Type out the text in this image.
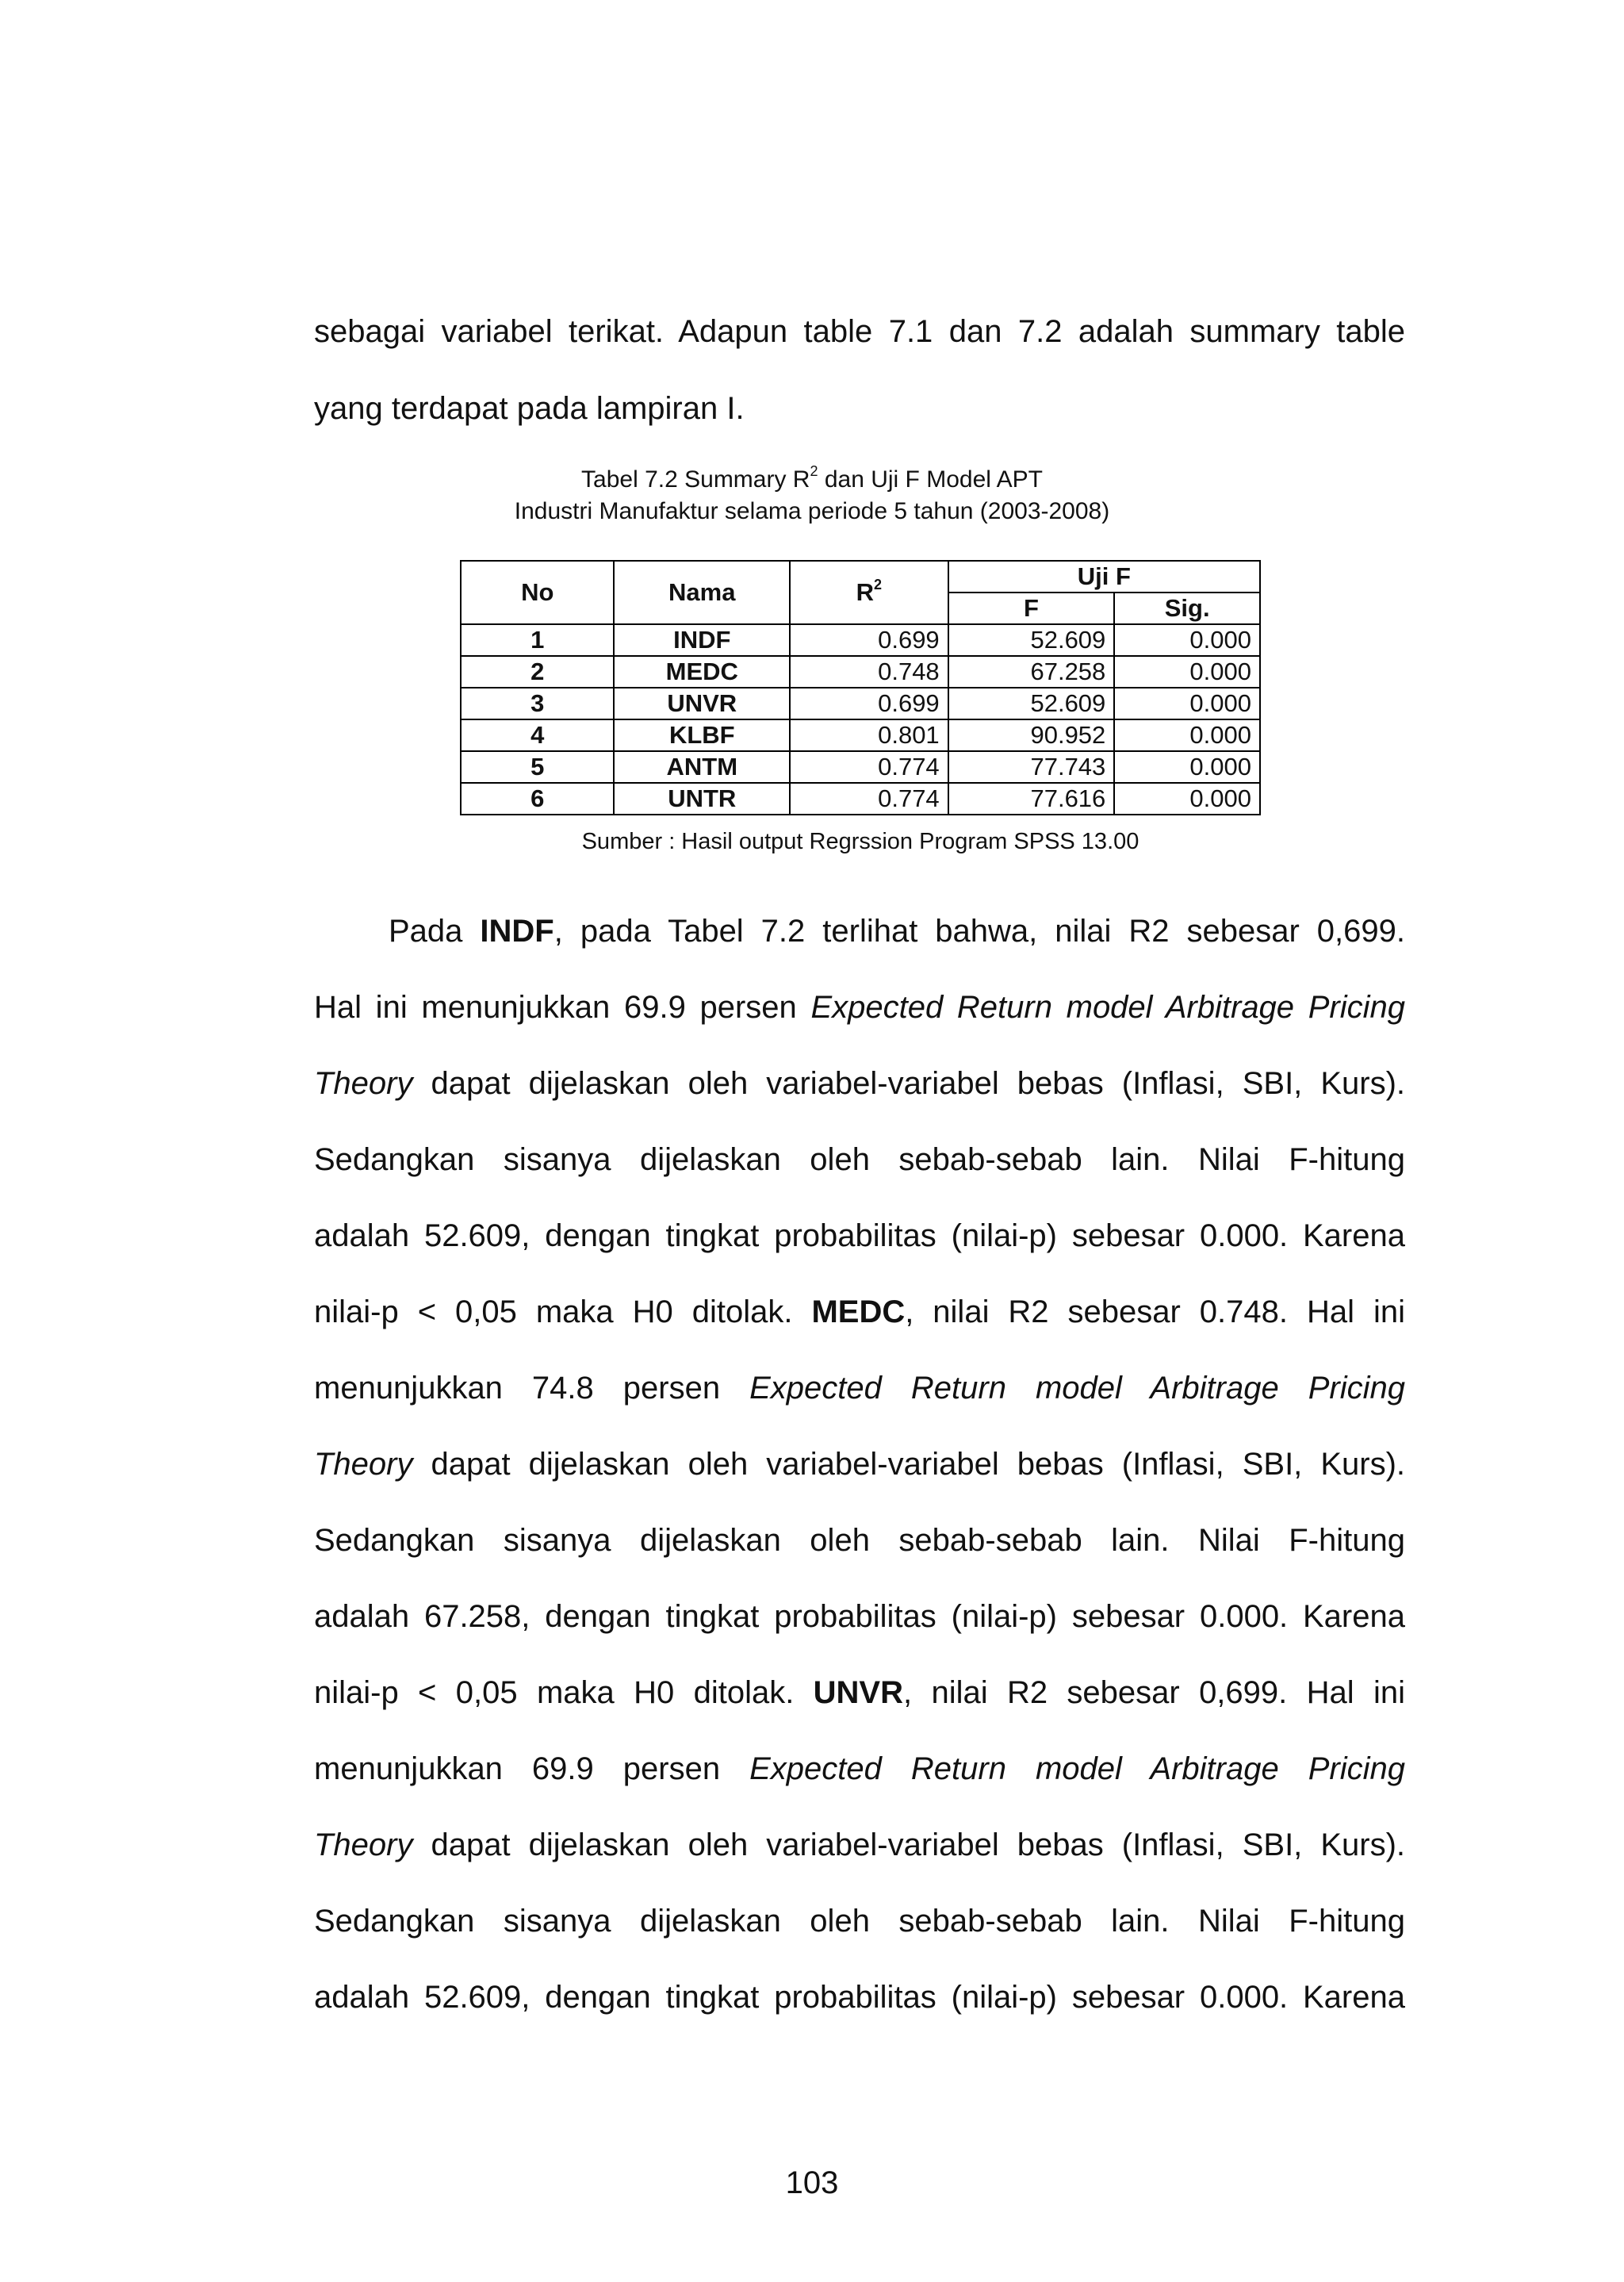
sebagai variabel terikat. Adapun table 7.1 dan 7.2 adalah summary table
yang terdapat pada lampiran I.
Tabel 7.2 Summary $R^2$ dan Uji F Model APT
Industri Manufaktur selama periode 5 tahun (2003-2008)
No	Nama	$R^2$	Uji F	
			F	Sig.
1	INDF	0.699	52.609	0.000
2	MEDC	0.748	67.258	0.000
3	UNVR	0.699	52.609	0.000
4	KLBF	0.801	90.952	0.000
5	ANTM	0.774	77.743	0.000
6	UNTR	0.774	77.616	0.000
Sumber : Hasil output Regrssion Program SPSS 13.00
Pada INDF, pada Tabel 7.2 terlihat bahwa, nilai R2 sebesar 0,699.
Hal ini menunjukkan 69.9 persen Expected Return model Arbitrage Pricing
Theory dapat dijelaskan oleh variabel-variabel bebas (Inflasi, SBI, Kurs).
Sedangkan sisanya dijelaskan oleh sebab-sebab lain. Nilai F-hitung
adalah 52.609, dengan tingkat probabilitas (nilai-p) sebesar 0.000. Karena
nilai-p < 0,05 maka H0 ditolak. MEDC, nilai R2 sebesar 0.748. Hal ini
menunjukkan 74.8 persen Expected Return model Arbitrage Pricing
Theory dapat dijelaskan oleh variabel-variabel bebas (Inflasi, SBI, Kurs).
Sedangkan sisanya dijelaskan oleh sebab-sebab lain. Nilai F-hitung
adalah 67.258, dengan tingkat probabilitas (nilai-p) sebesar 0.000. Karena
nilai-p < 0,05 maka H0 ditolak. UNVR, nilai R2 sebesar 0,699. Hal ini
menunjukkan 69.9 persen Expected Return model Arbitrage Pricing
Theory dapat dijelaskan oleh variabel-variabel bebas (Inflasi, SBI, Kurs).
Sedangkan sisanya dijelaskan oleh sebab-sebab lain. Nilai F-hitung
adalah 52.609, dengan tingkat probabilitas (nilai-p) sebesar 0.000. Karena
103
